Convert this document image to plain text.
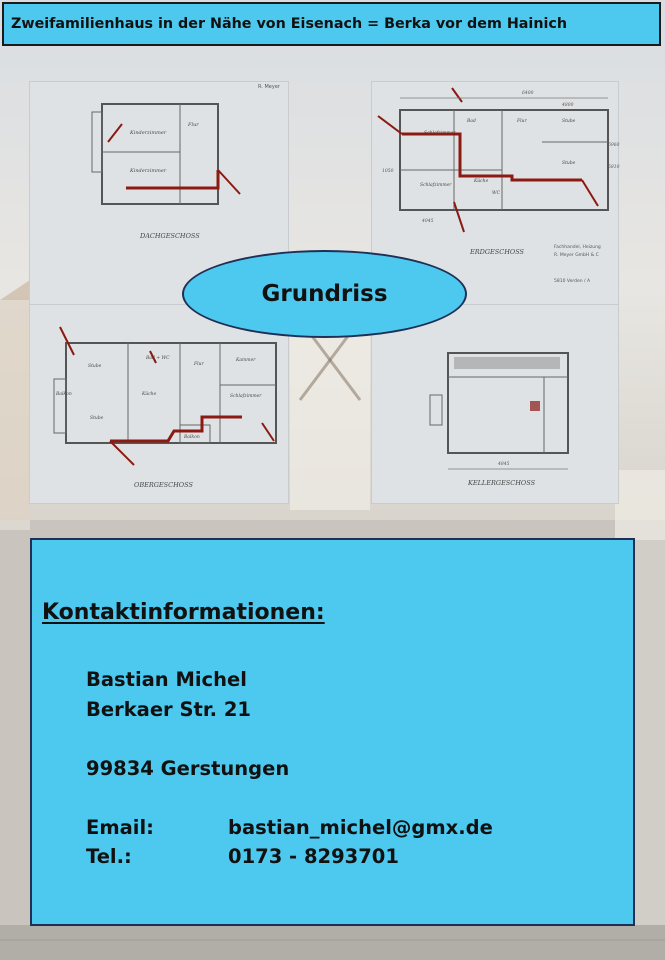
Zweifamilienhaus in der Nähe von Eisenach = Berka vor dem Hainich
Kinderzimmer
Flur
Kinderzimmer
R. Meyer
DACHGESCHOSS
Schlafzimmer
Bad	Flur	Stube
Schlafzimmer
Küche
WC
Stube
6400
4800
6960
5810
4045
1050
ERDGESCHOSS
Fachhandel, Heizung
R. Meyer GmbH & C
5810 Verden / A
Stube
Bad + WC
Flur
Kammer
Küche	Schlafzimmer
Balkon
Stube
Balkon
OBERGESCHOSS
4845
KELLERGESCHOSS
Grundriss
Kontaktinformationen:
Bastian Michel
Berkaer Str. 21
99834 Gerstungen
Email:	bastian_michel@gmx.de
Tel.:	0173 - 8293701
